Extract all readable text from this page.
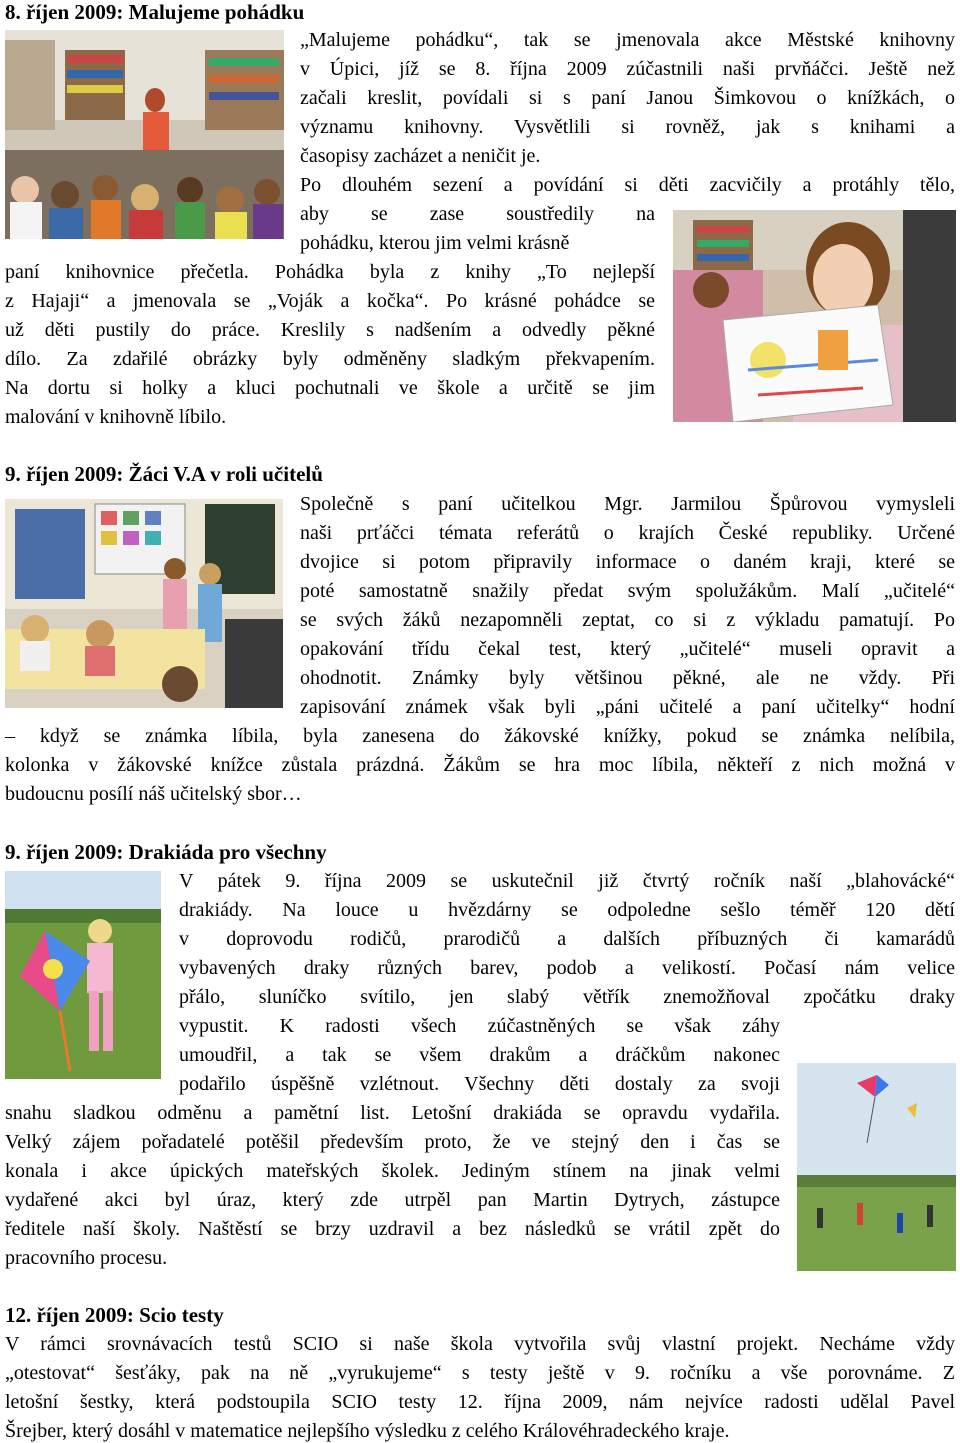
8. říjen 2009: Malujeme pohádku
„Malujeme pohádku“, tak se jmenovala akce Městské knihovny
v Úpici, jíž se 8. října 2009 zúčastnili naši prvňáčci. Ještě než
začali kreslit, povídali si s paní Janou Šimkovou o knížkách, o
významu knihovny. Vysvětlili si rovněž, jak s knihami a
časopisy zacházet a neničit je.
Po dlouhém sezení a povídání si děti zacvičily a protáhly tělo,
aby se zase soustředily na
pohádku, kterou jim velmi krásně
paní knihovnice přečetla. Pohádka byla z knihy „To nejlepší
z Hajaji“ a jmenovala se „Voják a kočka“. Po krásné pohádce se
už děti pustily do práce. Kreslily s nadšením a odvedly pěkné
dílo. Za zdařilé obrázky byly odměněny sladkým překvapením.
Na dortu si holky a kluci pochutnali ve škole a určitě se jim
malování v knihovně líbilo.
9. říjen 2009: Žáci V.A v roli učitelů
Společně s paní učitelkou Mgr. Jarmilou Špůrovou vymysleli
naši prťáčci témata referátů o krajích České republiky. Určené
dvojice si potom připravily informace o daném kraji, které se
poté samostatně snažily předat svým spolužákům. Malí „učitelé“
se svých žáků nezapomněli zeptat, co si z výkladu pamatují. Po
opakování třídu čekal test, který „učitelé“ museli opravit a
ohodnotit. Známky byly většinou pěkné, ale ne vždy. Při
zapisování známek však byli „páni učitelé a paní učitelky“ hodní
– když se známka líbila, byla zanesena do žákovské knížky, pokud se známka nelíbila,
kolonka v žákovské knížce zůstala prázdná. Žákům se hra moc líbila, někteří z nich možná v
budoucnu posílí náš učitelský sbor…
9. říjen 2009: Drakiáda pro všechny
V pátek 9. října 2009 se uskutečnil již čtvrtý ročník naší „blahovácké“
drakiády. Na louce u hvězdárny se odpoledne sešlo téměř 120 dětí
v doprovodu rodičů, prarodičů a dalších příbuzných či kamarádů
vybavených draky různých barev, podob a velikostí. Počasí nám velice
přálo, sluníčko svítilo, jen slabý větřík znemožňoval zpočátku draky
vypustit. K radosti všech zúčastněných se však záhy
umoudřil, a tak se všem drakům a dráčkům nakonec
podařilo úspěšně vzlétnout. Všechny děti dostaly za svoji
snahu sladkou odměnu a pamětní list. Letošní drakiáda se opravdu vydařila.
Velký zájem pořadatelé potěšil především proto, že ve stejný den i čas se
konala i akce úpických mateřských školek. Jediným stínem na jinak velmi
vydařené akci byl úraz, který zde utrpěl pan Martin Dytrych, zástupce
ředitele naší školy. Naštěstí se brzy uzdravil a bez následků se vrátil zpět do
pracovního procesu.
12. říjen 2009: Scio testy
V rámci srovnávacích testů SCIO si naše škola vytvořila svůj vlastní projekt. Necháme vždy
„otestovat“ šesťáky, pak na ně „vyrukujeme“ s testy ještě v 9. ročníku a vše porovnáme. Z
letošní šestky, která podstoupila SCIO testy 12. října 2009, nám nejvíce radosti udělal Pavel
Šrejber, který dosáhl v matematice nejlepšího výsledku z celého Královéhradeckého kraje.
